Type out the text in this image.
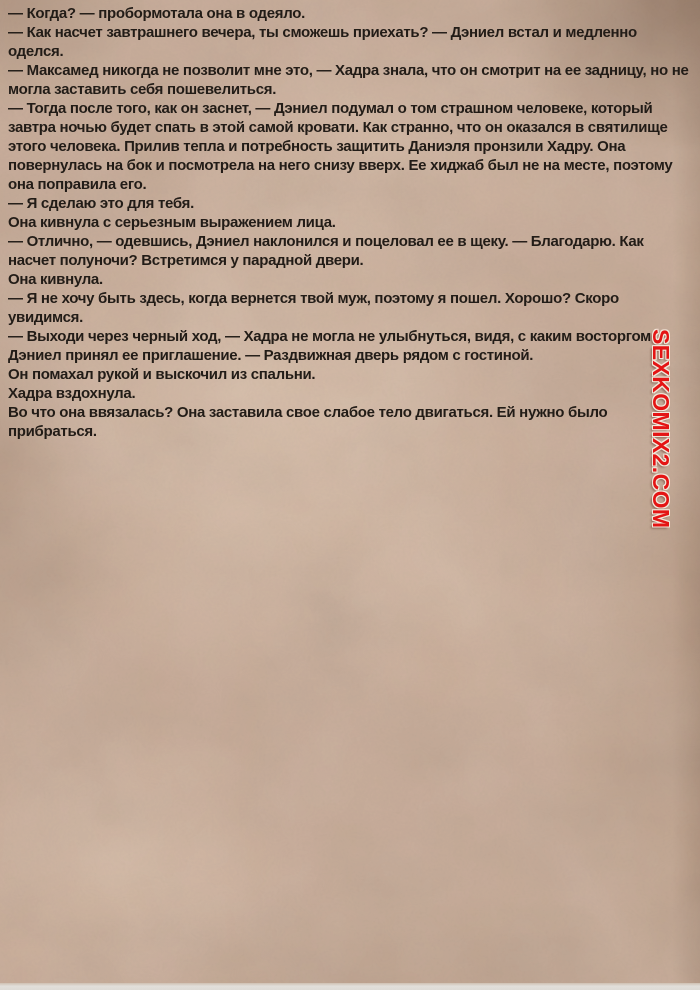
— Когда? — пробормотала она в одеяло.

— Как насчет завтрашнего вечера, ты сможешь приехать? — Дэниел встал и медленно оделся.

— Максамед никогда не позволит мне это, — Хадра знала, что он смотрит на ее задницу, но не могла заставить себя пошевелиться.

— Тогда после того, как он заснет, — Дэниел подумал о том страшном человеке, который завтра ночью будет спать в этой самой кровати. Как странно, что он оказался в святилище этого человека. Прилив тепла и потребность защитить Даниэля пронзили Хадру. Она повернулась на бок и посмотрела на него снизу вверх. Ее хиджаб был не на месте, поэтому она поправила его.

— Я сделаю это для тебя.

Она кивнула с серьезным выражением лица.

— Отлично, — одевшись, Дэниел наклонился и поцеловал ее в щеку. — Благодарю. Как насчет полуночи? Встретимся у парадной двери.

Она кивнула.

— Я не хочу быть здесь, когда вернется твой муж, поэтому я пошел. Хорошо? Скоро увидимся.

— Выходи через черный ход, — Хадра не могла не улыбнуться, видя, с каким восторгом Дэниел принял ее приглашение. — Раздвижная дверь рядом с гостиной.

Он помахал рукой и выскочил из спальни.

Хадра вздохнула.

Во что она ввязалась? Она заставила свое слабое тело двигаться. Ей нужно было прибраться.	SEXKOMIX2.COM
